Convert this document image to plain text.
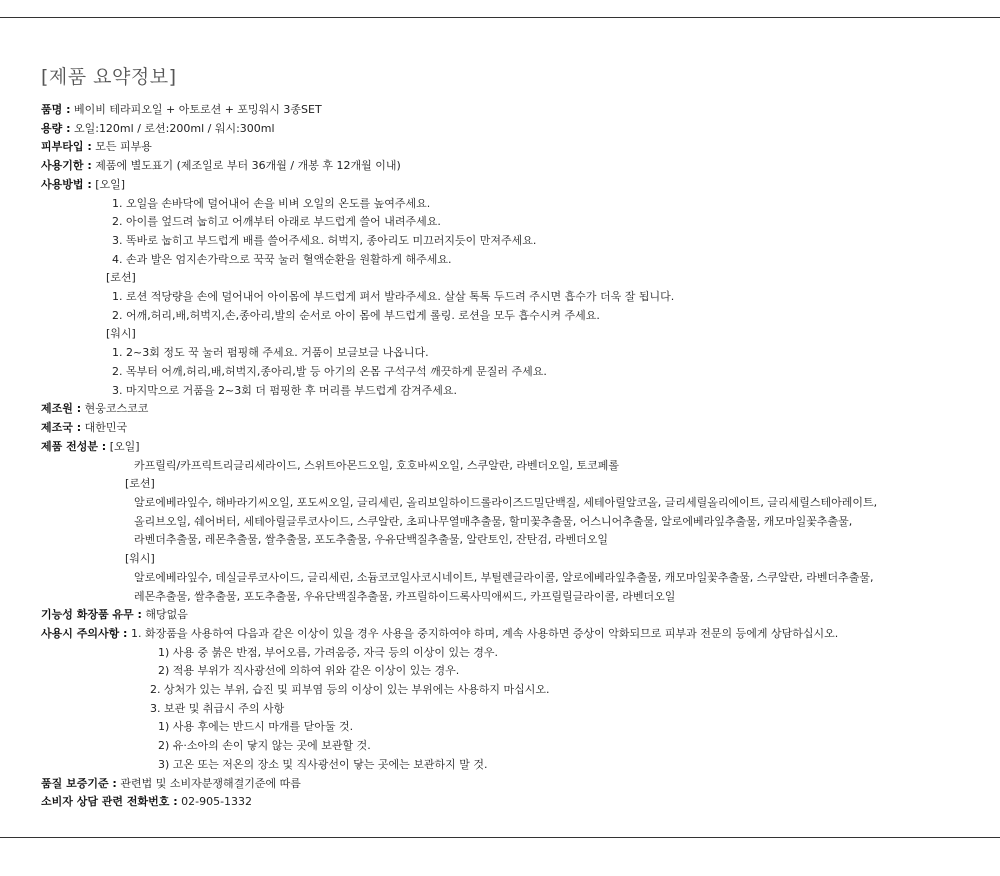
[제품 요약정보]
품명 : 베이비 테라피오일 + 아토로션 + 포밍워시 3종SET
용량 : 오일:120ml / 로션:200ml / 워시:300ml
피부타입 : 모든 피부용
사용기한 : 제품에 별도표기 (제조일로 부터 36개월 / 개봉 후 12개월 이내)
사용방법 : [오일]
1. 오일을 손바닥에 덜어내어 손을 비벼 오일의 온도를 높여주세요.
2. 아이를 엎드려 눕히고 어깨부터 아래로 부드럽게 쓸어 내려주세요.
3. 똑바로 눕히고 부드럽게 배를 쓸어주세요. 허벅지, 종아리도 미끄러지듯이 만져주세요.
4. 손과 발은 엄지손가락으로 꾹꾹 눌러 혈액순환을 원활하게 해주세요.
[로션]
1. 로션 적당량을 손에 덜어내어 아이몸에 부드럽게 펴서 발라주세요. 살살 톡톡 두드려 주시면 흡수가 더욱 잘 됩니다.
2. 어깨,허리,배,허벅지,손,종아리,발의 순서로 아이 몸에 부드럽게 롤링. 로션을 모두 흡수시켜 주세요.
[워시]
1. 2~3회 정도 꾹 눌러 펌핑해 주세요. 거품이 보글보글 나옵니다.
2. 목부터 어깨,허리,배,허벅지,종아리,발 등 아기의 온몸 구석구석 깨끗하게 문질러 주세요.
3. 마지막으로 거품을 2~3회 더 펌핑한 후 머리를 부드럽게 감겨주세요.
제조원 : 현웅코스코코
제조국 : 대한민국
제품 전성분 : [오일]
카프릴릭/카프릭트리글리세라이드, 스위트아몬드오일, 호호바씨오일, 스쿠알란, 라벤더오일, 토코페롤
[로션]
알로에베라잎수, 해바라기씨오일, 포도씨오일, 글리세린, 올리보일하이드롤라이즈드밀단백질, 세테아릴알코올, 글리세릴올리에이트, 글리세릴스테아레이트,
올리브오일, 쉐어버터, 세테아릴글루코사이드, 스쿠알란, 초피나무열매추출물, 할미꽃추출물, 어스니어추출물, 알로에베라잎추출물, 캐모마일꽃추출물,
라벤더추출물, 레몬추출물, 쌀추출물, 포도추출물, 우유단백질추출물, 알란토인, 잔탄검, 라벤더오일
[워시]
알로에베라잎수, 데실글루코사이드, 글리세린, 소듐코코일사코시네이트, 부틸렌글라이콜, 알로에베라잎추출물, 캐모마일꽃추출물, 스쿠알란, 라벤더추출물,
레몬추출물, 쌀추출물, 포도추출물, 우유단백질추출물, 카프릴하이드록사믹애씨드, 카프릴릴글라이콜, 라벤더오일
기능성 화장품 유무 : 해당없음
사용시 주의사항 : 1. 화장품을 사용하여 다음과 같은 이상이 있을 경우 사용을 중지하여야 하며, 계속 사용하면 증상이 악화되므로 피부과 전문의 등에게 상담하십시오.
1) 사용 중 붉은 반점, 부어오름, 가려움증, 자극 등의 이상이 있는 경우.
2) 적용 부위가 직사광선에 의하여 위와 같은 이상이 있는 경우.
2. 상처가 있는 부위, 습진 및 피부염 등의 이상이 있는 부위에는 사용하지 마십시오.
3. 보관 및 취급시 주의 사항
1) 사용 후에는 반드시 마개를 닫아둘 것.
2) 유·소아의 손이 닿지 않는 곳에 보관할 것.
3) 고온 또는 저온의 장소 및 직사광선이 닿는 곳에는 보관하지 말 것.
품질 보증기준 : 관련법 및 소비자분쟁해결기준에 따름
소비자 상담 관련 전화번호 : 02-905-1332
